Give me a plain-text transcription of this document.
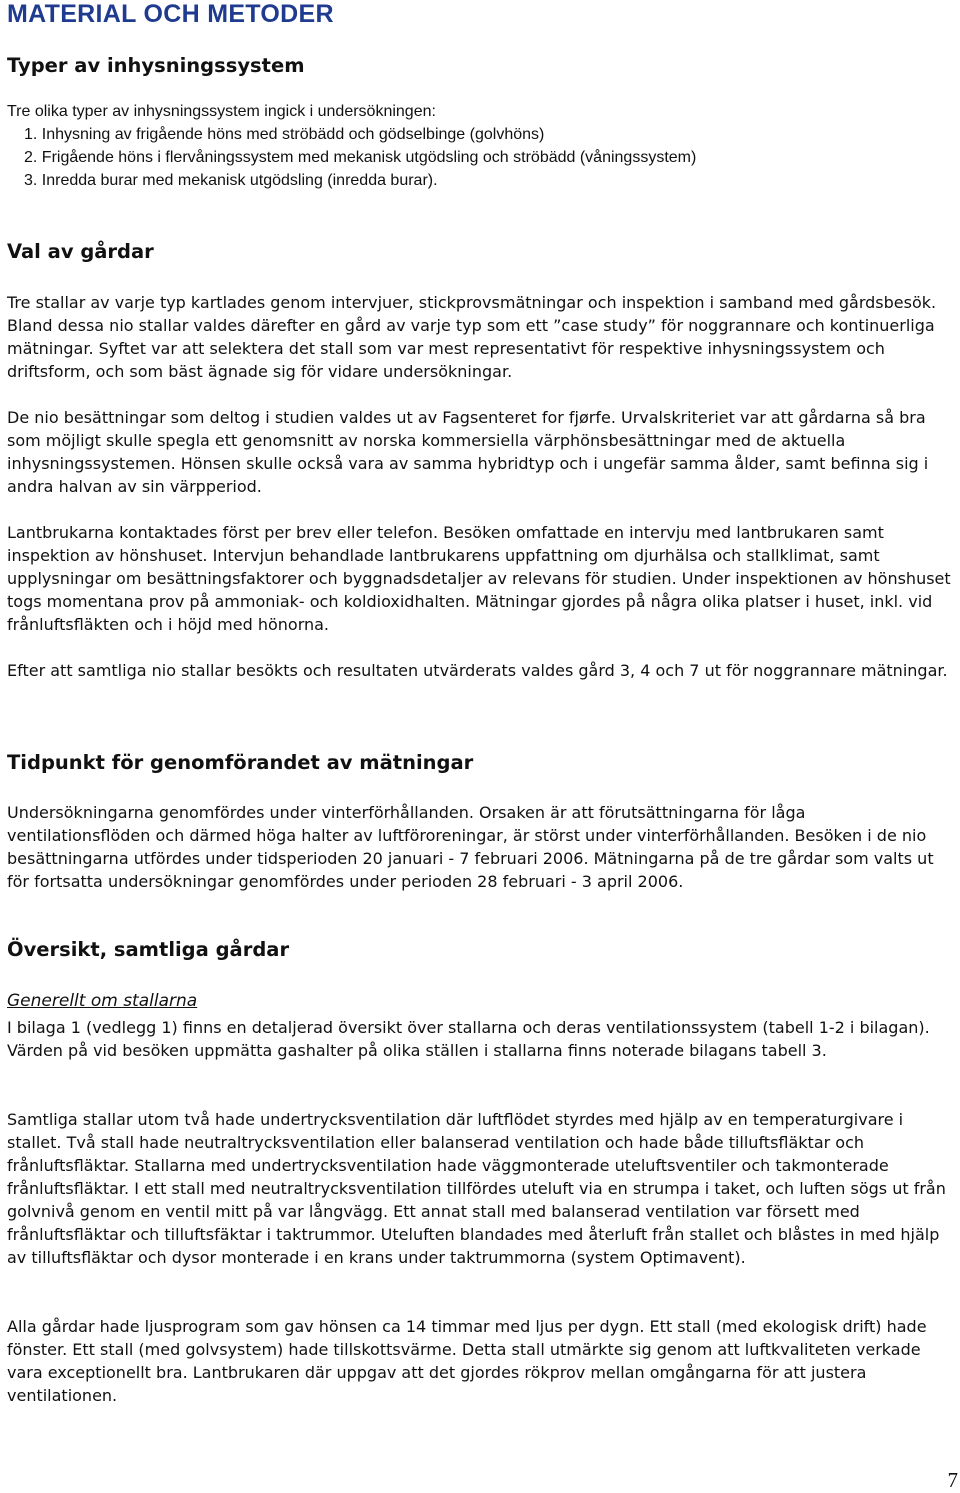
MATERIAL OCH METODER
Typer av inhysningssystem
Tre olika typer av inhysningssystem ingick i undersökningen:
1. Inhysning av frigående höns med ströbädd och gödselbinge (golvhöns)
2. Frigående höns i flervåningssystem med mekanisk utgödsling och ströbädd (våningssystem)
3. Inredda burar med mekanisk utgödsling (inredda burar).
Val av gårdar

Tre stallar av varje typ kartlades genom intervjuer, stickprovsmätningar och inspektion i samband med gårdsbesök. Bland dessa nio stallar valdes därefter en gård av varje typ som ett ”case study” för noggrannare och kontinuerliga mätningar. Syftet var att selektera det stall som var mest representativt för respektive inhysningssystem och driftsform, och som bäst ägnade sig för vidare undersökningar.

De nio besättningar som deltog i studien valdes ut av Fagsenteret for fjørfe. Urvalskriteriet var att gårdarna så bra som möjligt skulle spegla ett genomsnitt av norska kommersiella värphönsbesättningar med de aktuella inhysningssystemen. Hönsen skulle också vara av samma hybridtyp och i ungefär samma ålder, samt befinna sig i andra halvan av sin värpperiod.

Lantbrukarna kontaktades först per brev eller telefon. Besöken omfattade en intervju med lantbrukaren samt inspektion av hönshuset. Intervjun behandlade lantbrukarens uppfattning om djurhälsa och stallklimat, samt upplysningar om besättningsfaktorer och byggnadsdetaljer av relevans för studien. Under inspektionen av hönshuset togs momentana prov på ammoniak- och koldioxidhalten. Mätningar gjordes på några olika platser i huset, inkl. vid frånluftsfläkten och i höjd med hönorna.

Efter att samtliga nio stallar besökts och resultaten utvärderats valdes gård 3, 4 och 7 ut för noggrannare mätningar.

Tidpunkt för genomförandet av mätningar

Undersökningarna genomfördes under vinterförhållanden. Orsaken är att förutsättningarna för låga ventilationsflöden och därmed höga halter av luftföroreningar, är störst under vinterförhållanden. Besöken i de nio besättningarna utfördes under tidsperioden 20 januari - 7 februari 2006. Mätningarna på de tre gårdar som valts ut för fortsatta undersökningar genomfördes under perioden 28 februari - 3 april 2006.

Översikt, samtliga gårdar
Generellt om stallarna

I bilaga 1 (vedlegg 1) finns en detaljerad översikt över stallarna och deras ventilationssystem (tabell 1-2 i bilagan). Värden på vid besöken uppmätta gashalter på olika ställen i stallarna finns noterade bilagans tabell 3.

Samtliga stallar utom två hade undertrycksventilation där luftflödet styrdes med hjälp av en temperaturgivare i stallet. Två stall hade neutraltrycksventilation eller balanserad ventilation och hade både tilluftsfläktar och frånluftsfläktar. Stallarna med undertrycksventilation hade väggmonterade uteluftsventiler och takmonterade frånluftsfläktar. I ett stall med neutraltrycksventilation tillfördes uteluft via en strumpa i taket, och luften sögs ut från golvnivå genom en ventil mitt på var långvägg. Ett annat stall med balanserad ventilation var försett med frånluftsfläktar och tilluftsfäktar i taktrummor. Uteluften blandades med återluft från stallet och blåstes in med hjälp av tilluftsfläktar och dysor monterade i en krans under taktrummorna (system Optimavent).

Alla gårdar hade ljusprogram som gav hönsen ca 14 timmar med ljus per dygn. Ett stall (med ekologisk drift) hade fönster. Ett stall (med golvsystem) hade tillskottsvärme. Detta stall utmärkte sig genom att luftkvaliteten verkade vara exceptionellt bra. Lantbrukaren där uppgav att det gjordes rökprov mellan omgångarna för att justera ventilationen.

7
